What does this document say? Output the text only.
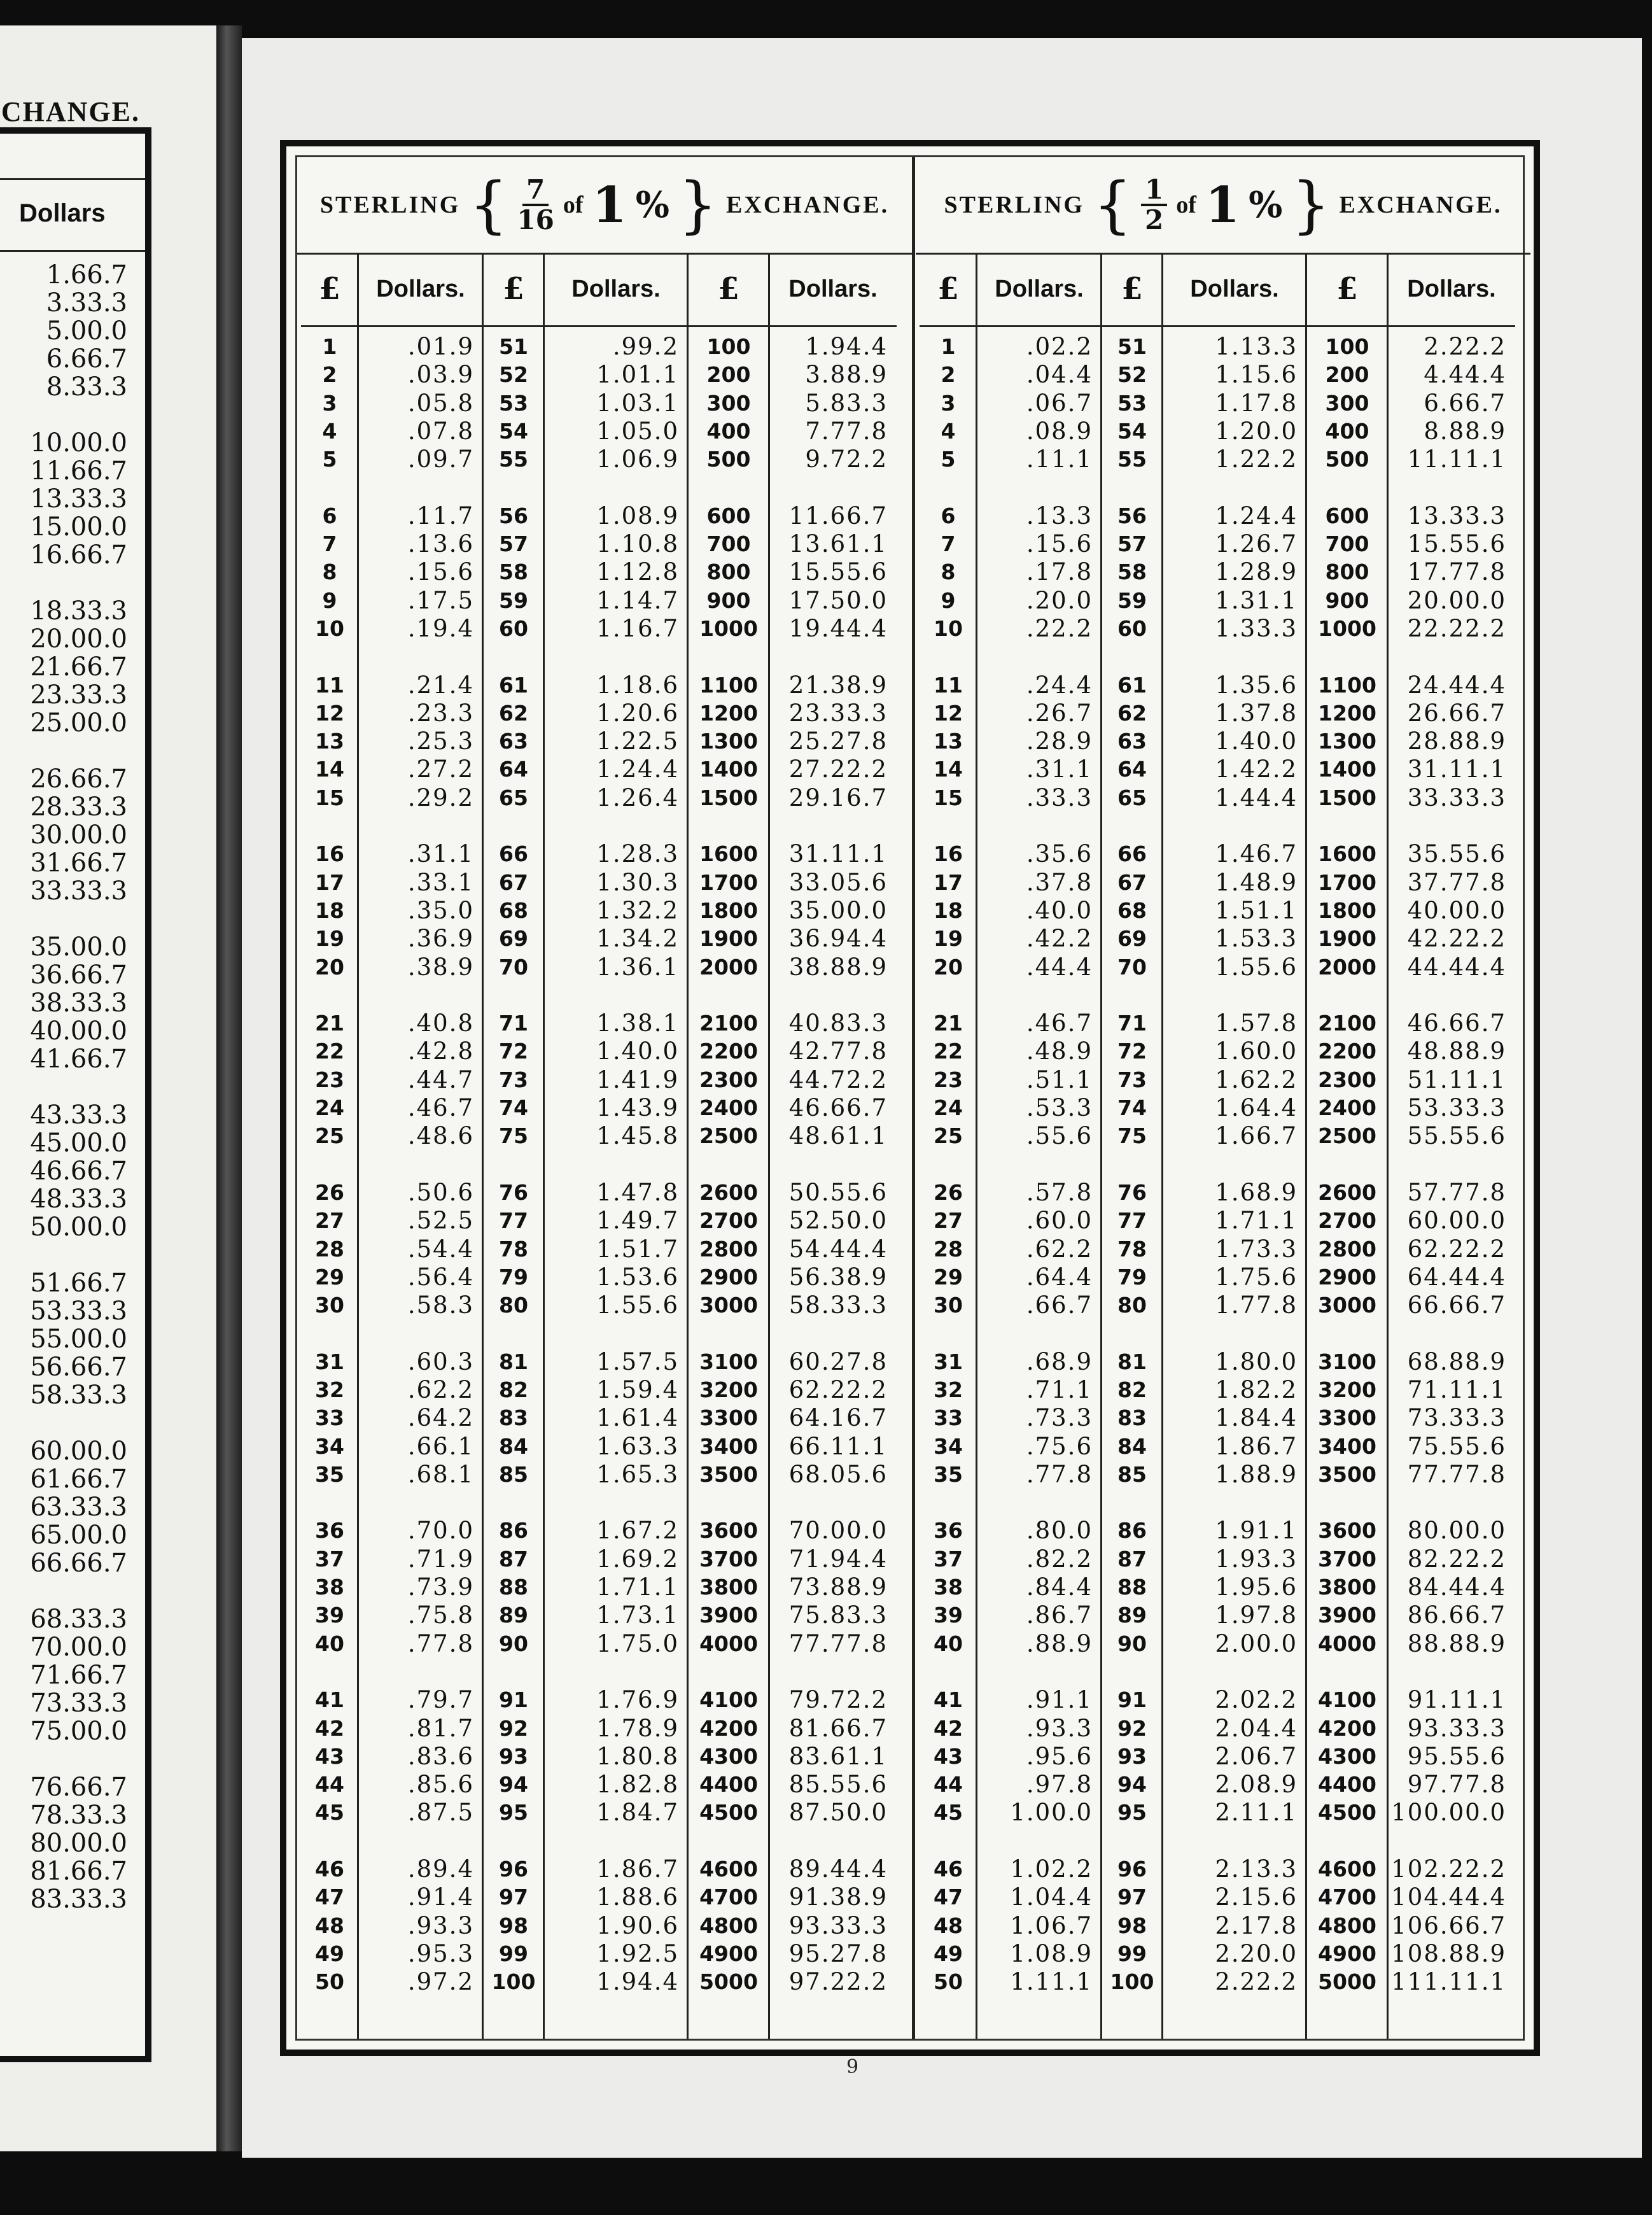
CHANGE.
Dollars
1.66.7
3.33.3
5.00.0
6.66.7
8.33.3
10.00.0
11.66.7
13.33.3
15.00.0
16.66.7
18.33.3
20.00.0
21.66.7
23.33.3
25.00.0
26.66.7
28.33.3
30.00.0
31.66.7
33.33.3
35.00.0
36.66.7
38.33.3
40.00.0
41.66.7
43.33.3
45.00.0
46.66.7
48.33.3
50.00.0
51.66.7
53.33.3
55.00.0
56.66.7
58.33.3
60.00.0
61.66.7
63.33.3
65.00.0
66.66.7
68.33.3
70.00.0
71.66.7
73.33.3
75.00.0
76.66.7
78.33.3
80.00.0
81.66.7
83.33.3
STERLING { $\frac{7}{16}$ of 1 % } EXCHANGE.
£
1
2
3
4
5
6
7
8
9
10
11
12
13
14
15
16
17
18
19
20
21
22
23
24
25
26
27
28
29
30
31
32
33
34
35
36
37
38
39
40
41
42
43
44
45
46
47
48
49
50
Dollars.
.01.9
.03.9
.05.8
.07.8
.09.7
.11.7
.13.6
.15.6
.17.5
.19.4
.21.4
.23.3
.25.3
.27.2
.29.2
.31.1
.33.1
.35.0
.36.9
.38.9
.40.8
.42.8
.44.7
.46.7
.48.6
.50.6
.52.5
.54.4
.56.4
.58.3
.60.3
.62.2
.64.2
.66.1
.68.1
.70.0
.71.9
.73.9
.75.8
.77.8
.79.7
.81.7
.83.6
.85.6
.87.5
.89.4
.91.4
.93.3
.95.3
.97.2
£
51
52
53
54
55
56
57
58
59
60
61
62
63
64
65
66
67
68
69
70
71
72
73
74
75
76
77
78
79
80
81
82
83
84
85
86
87
88
89
90
91
92
93
94
95
96
97
98
99
100
Dollars.
.99.2
1.01.1
1.03.1
1.05.0
1.06.9
1.08.9
1.10.8
1.12.8
1.14.7
1.16.7
1.18.6
1.20.6
1.22.5
1.24.4
1.26.4
1.28.3
1.30.3
1.32.2
1.34.2
1.36.1
1.38.1
1.40.0
1.41.9
1.43.9
1.45.8
1.47.8
1.49.7
1.51.7
1.53.6
1.55.6
1.57.5
1.59.4
1.61.4
1.63.3
1.65.3
1.67.2
1.69.2
1.71.1
1.73.1
1.75.0
1.76.9
1.78.9
1.80.8
1.82.8
1.84.7
1.86.7
1.88.6
1.90.6
1.92.5
1.94.4
£
100
200
300
400
500
600
700
800
900
1000
1100
1200
1300
1400
1500
1600
1700
1800
1900
2000
2100
2200
2300
2400
2500
2600
2700
2800
2900
3000
3100
3200
3300
3400
3500
3600
3700
3800
3900
4000
4100
4200
4300
4400
4500
4600
4700
4800
4900
5000
Dollars.
1.94.4
3.88.9
5.83.3
7.77.8
9.72.2
11.66.7
13.61.1
15.55.6
17.50.0
19.44.4
21.38.9
23.33.3
25.27.8
27.22.2
29.16.7
31.11.1
33.05.6
35.00.0
36.94.4
38.88.9
40.83.3
42.77.8
44.72.2
46.66.7
48.61.1
50.55.6
52.50.0
54.44.4
56.38.9
58.33.3
60.27.8
62.22.2
64.16.7
66.11.1
68.05.6
70.00.0
71.94.4
73.88.9
75.83.3
77.77.8
79.72.2
81.66.7
83.61.1
85.55.6
87.50.0
89.44.4
91.38.9
93.33.3
95.27.8
97.22.2
STERLING { $\frac{1}{2}$ of 1 % } EXCHANGE.
£
1
2
3
4
5
6
7
8
9
10
11
12
13
14
15
16
17
18
19
20
21
22
23
24
25
26
27
28
29
30
31
32
33
34
35
36
37
38
39
40
41
42
43
44
45
46
47
48
49
50
Dollars.
.02.2
.04.4
.06.7
.08.9
.11.1
.13.3
.15.6
.17.8
.20.0
.22.2
.24.4
.26.7
.28.9
.31.1
.33.3
.35.6
.37.8
.40.0
.42.2
.44.4
.46.7
.48.9
.51.1
.53.3
.55.6
.57.8
.60.0
.62.2
.64.4
.66.7
.68.9
.71.1
.73.3
.75.6
.77.8
.80.0
.82.2
.84.4
.86.7
.88.9
.91.1
.93.3
.95.6
.97.8
1.00.0
1.02.2
1.04.4
1.06.7
1.08.9
1.11.1
£
51
52
53
54
55
56
57
58
59
60
61
62
63
64
65
66
67
68
69
70
71
72
73
74
75
76
77
78
79
80
81
82
83
84
85
86
87
88
89
90
91
92
93
94
95
96
97
98
99
100
Dollars.
1.13.3
1.15.6
1.17.8
1.20.0
1.22.2
1.24.4
1.26.7
1.28.9
1.31.1
1.33.3
1.35.6
1.37.8
1.40.0
1.42.2
1.44.4
1.46.7
1.48.9
1.51.1
1.53.3
1.55.6
1.57.8
1.60.0
1.62.2
1.64.4
1.66.7
1.68.9
1.71.1
1.73.3
1.75.6
1.77.8
1.80.0
1.82.2
1.84.4
1.86.7
1.88.9
1.91.1
1.93.3
1.95.6
1.97.8
2.00.0
2.02.2
2.04.4
2.06.7
2.08.9
2.11.1
2.13.3
2.15.6
2.17.8
2.20.0
2.22.2
£
100
200
300
400
500
600
700
800
900
1000
1100
1200
1300
1400
1500
1600
1700
1800
1900
2000
2100
2200
2300
2400
2500
2600
2700
2800
2900
3000
3100
3200
3300
3400
3500
3600
3700
3800
3900
4000
4100
4200
4300
4400
4500
4600
4700
4800
4900
5000
Dollars.
2.22.2
4.44.4
6.66.7
8.88.9
11.11.1
13.33.3
15.55.6
17.77.8
20.00.0
22.22.2
24.44.4
26.66.7
28.88.9
31.11.1
33.33.3
35.55.6
37.77.8
40.00.0
42.22.2
44.44.4
46.66.7
48.88.9
51.11.1
53.33.3
55.55.6
57.77.8
60.00.0
62.22.2
64.44.4
66.66.7
68.88.9
71.11.1
73.33.3
75.55.6
77.77.8
80.00.0
82.22.2
84.44.4
86.66.7
88.88.9
91.11.1
93.33.3
95.55.6
97.77.8
100.00.0
102.22.2
104.44.4
106.66.7
108.88.9
111.11.1
9
